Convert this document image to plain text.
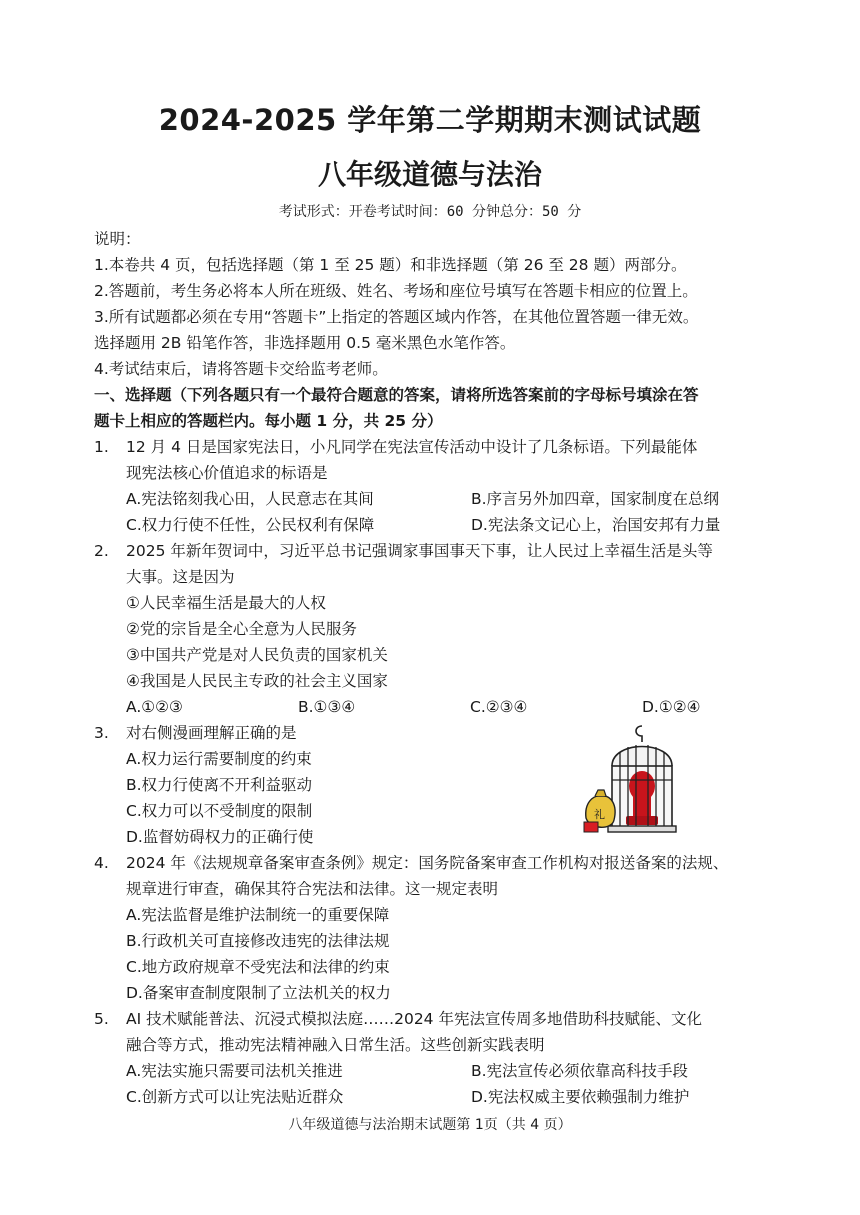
2024-2025 学年第二学期期末测试试题
八年级道德与法治
考试形式：开卷考试时间：60 分钟总分：50 分
说明：
1.本卷共 4 页，包括选择题（第 1 至 25 题）和非选择题（第 26 至 28 题）两部分。
2.答题前，考生务必将本人所在班级、姓名、考场和座位号填写在答题卡相应的位置上。
3.所有试题都必须在专用“答题卡”上指定的答题区域内作答，在其他位置答题一律无效。
选择题用 2B 铅笔作答，非选择题用 0.5 毫米黑色水笔作答。
4.考试结束后，请将答题卡交给监考老师。
一、选择题（下列各题只有一个最符合题意的答案，请将所选答案前的字母标号填涂在答
题卡上相应的答题栏内。每小题 1 分，共 25 分）
1.	12 月 4 日是国家宪法日，小凡同学在宪法宣传活动中设计了几条标语。下列最能体
现宪法核心价值追求的标语是
A.宪法铭刻我心田，人民意志在其间	B.序言另外加四章，国家制度在总纲
C.权力行使不任性，公民权利有保障	D.宪法条文记心上，治国安邦有力量
2.	2025 年新年贺词中，习近平总书记强调家事国事天下事，让人民过上幸福生活是头等
大事。这是因为
①人民幸福生活是最大的人权
②党的宗旨是全心全意为人民服务
③中国共产党是对人民负责的国家机关
④我国是人民民主专政的社会主义国家
A.①②③	B.①③④	C.②③④	D.①②④
3.	对右侧漫画理解正确的是
A.权力运行需要制度的约束
B.权力行使离不开利益驱动
C.权力可以不受制度的限制
D.监督妨碍权力的正确行使
礼
4.	2024 年《法规规章备案审查条例》规定：国务院备案审查工作机构对报送备案的法规、
规章进行审查，确保其符合宪法和法律。这一规定表明
A.宪法监督是维护法制统一的重要保障
B.行政机关可直接修改违宪的法律法规
C.地方政府规章不受宪法和法律的约束
D.备案审查制度限制了立法机关的权力
5.	AI 技术赋能普法、沉浸式模拟法庭……2024 年宪法宣传周多地借助科技赋能、文化
融合等方式，推动宪法精神融入日常生活。这些创新实践表明
A.宪法实施只需要司法机关推进	B.宪法宣传必须依靠高科技手段
C.创新方式可以让宪法贴近群众	D.宪法权威主要依赖强制力维护
八年级道德与法治期末试题第 1页（共 4 页）
